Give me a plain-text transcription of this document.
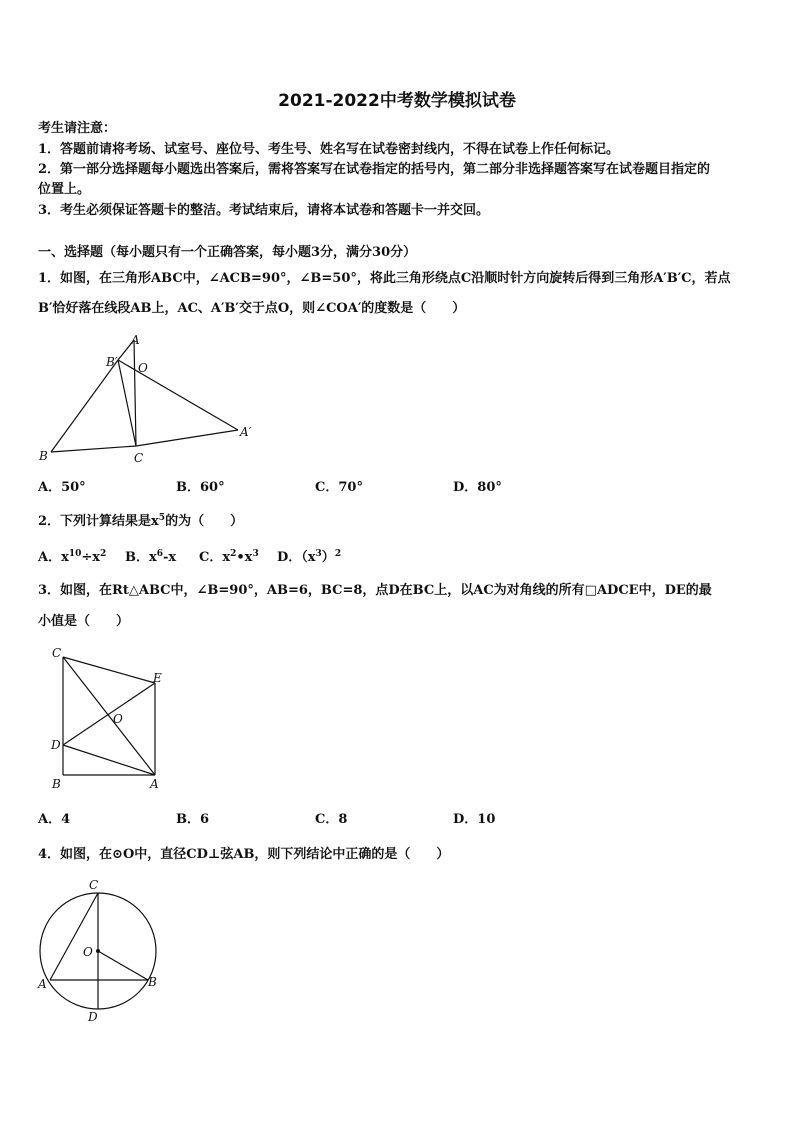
2021-2022中考数学模拟试卷
考生请注意：
1．答题前请将考场、试室号、座位号、考生号、姓名写在试卷密封线内，不得在试卷上作任何标记。
2．第一部分选择题每小题选出答案后，需将答案写在试卷指定的括号内，第二部分非选择题答案写在试卷题目指定的
位置上。
3．考生必须保证答题卡的整洁。考试结束后，请将本试卷和答题卡一并交回。
一、选择题（每小题只有一个正确答案，每小题3分，满分30分）
1．如图，在三角形ABC中，∠ACB=90°，∠B=50°，将此三角形绕点C沿顺时针方向旋转后得到三角形A′B′C，若点
B′恰好落在线段AB上，AC、A′B′交于点O，则∠COA′的度数是（　　）
A
B′ O
A′
B	C
A．50°	B．60°	C．70°	D．80°
2．下列计算结果是$x^5$的为（　　）
A．$x^{10}\div x^2$ B．$x^6-x$ C．$x^2•x^3$ D．$(x^3)^2$
3．如图，在Rt△ABC中，∠B=90°，AB=6，BC=8，点D在BC上，以AC为对角线的所有□ADCE中，DE的最
小值是（　　）
C
E
O
D
B	A
A．4	B．6	C．8	D．10
4．如图，在⊙O中，直径CD⊥弦AB，则下列结论中正确的是（　　）
C
O
A	B
D
